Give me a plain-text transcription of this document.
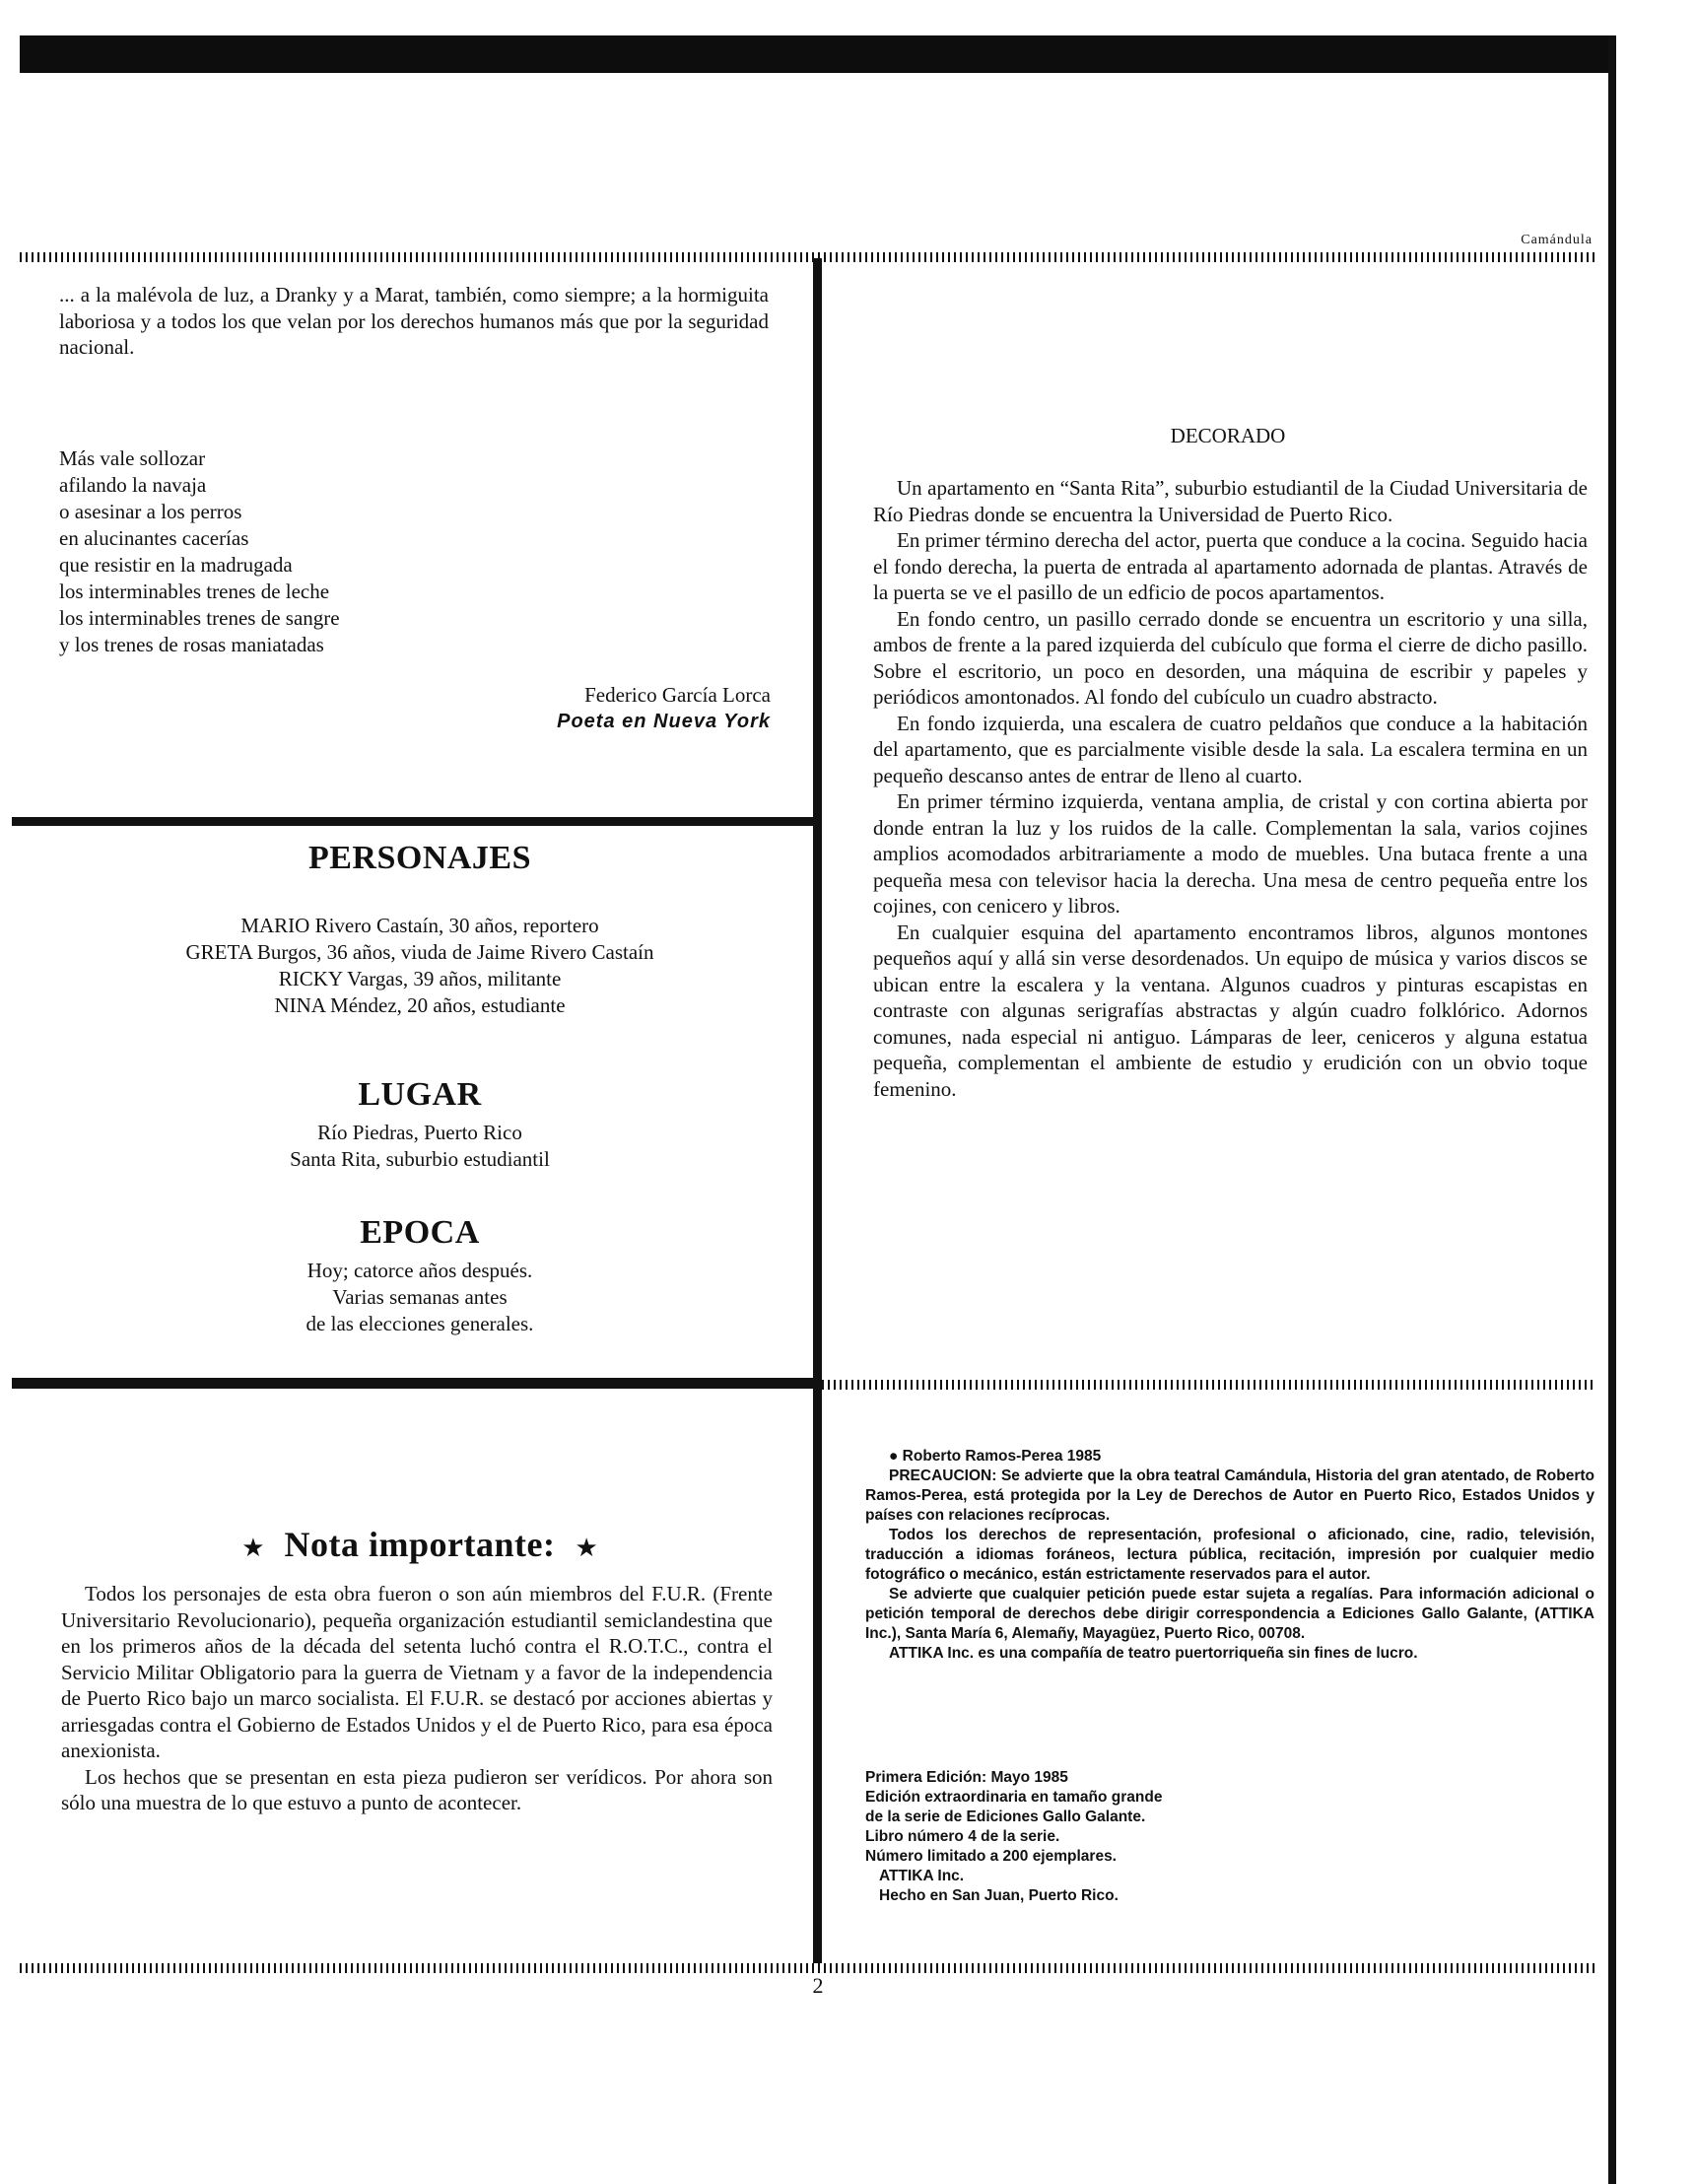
Camándula
... a la malévola de luz, a Dranky y a Marat, también, como siempre; a la hormiguita laboriosa y a todos los que velan por los derechos humanos más que por la seguridad nacional.
Más vale sollozar
afilando la navaja
o asesinar a los perros
en alucinantes cacerías
que resistir en la madrugada
los interminables trenes de leche
los interminables trenes de sangre
y los trenes de rosas maniatadas
Federico García Lorca
Poeta en Nueva York
PERSONAJES
MARIO Rivero Castaín, 30 años, reportero
GRETA Burgos, 36 años, viuda de Jaime Rivero Castaín
RICKY Vargas, 39 años, militante
NINA Méndez, 20 años, estudiante
LUGAR
Río Piedras, Puerto Rico
Santa Rita, suburbio estudiantil
EPOCA
Hoy; catorce años después.
Varias semanas antes
de las elecciones generales.
★ Nota importante: ★

Todos los personajes de esta obra fueron o son aún miembros del F.U.R. (Frente Universitario Revolucionario), pequeña organización estudiantil semiclandestina que en los primeros años de la década del setenta luchó contra el R.O.T.C., contra el Servicio Militar Obligatorio para la guerra de Vietnam y a favor de la independencia de Puerto Rico bajo un marco socialista. El F.U.R. se destacó por acciones abiertas y arriesgadas contra el Gobierno de Estados Unidos y el de Puerto Rico, para esa época anexionista.

Los hechos que se presentan en esta pieza pudieron ser verídicos. Por ahora son sólo una muestra de lo que estuvo a punto de acontecer.

DECORADO

Un apartamento en “Santa Rita”, suburbio estudiantil de la Ciudad Universitaria de Río Piedras donde se encuentra la Universidad de Puerto Rico.

En primer término derecha del actor, puerta que conduce a la cocina. Seguido hacia el fondo derecha, la puerta de entrada al apartamento adornada de plantas. Através de la puerta se ve el pasillo de un edficio de pocos apartamentos.

En fondo centro, un pasillo cerrado donde se encuentra un escritorio y una silla, ambos de frente a la pared izquierda del cubículo que forma el cierre de dicho pasillo. Sobre el escritorio, un poco en desorden, una máquina de escribir y papeles y periódicos amontonados. Al fondo del cubículo un cuadro abstracto.

En fondo izquierda, una escalera de cuatro peldaños que conduce a la habitación del apartamento, que es parcialmente visible desde la sala. La escalera termina en un pequeño descanso antes de entrar de lleno al cuarto.

En primer término izquierda, ventana amplia, de cristal y con cortina abierta por donde entran la luz y los ruidos de la calle. Complementan la sala, varios cojines amplios acomodados arbitrariamente a modo de muebles. Una butaca frente a una pequeña mesa con televisor hacia la derecha. Una mesa de centro pequeña entre los cojines, con cenicero y libros.

En cualquier esquina del apartamento encontramos libros, algunos montones pequeños aquí y allá sin verse desordenados. Un equipo de música y varios discos se ubican entre la escalera y la ventana. Algunos cuadros y pinturas escapistas en contraste con algunas serigrafías abstractas y algún cuadro folklórico. Adornos comunes, nada especial ni antiguo. Lámparas de leer, ceniceros y alguna estatua pequeña, complementan el ambiente de estudio y erudición con un obvio toque femenino.

● Roberto Ramos-Perea 1985

PRECAUCION: Se advierte que la obra teatral Camándula, Historia del gran atentado, de Roberto Ramos-Perea, está protegida por la Ley de Derechos de Autor en Puerto Rico, Estados Unidos y países con relaciones recíprocas.

Todos los derechos de representación, profesional o aficionado, cine, radio, televisión, traducción a idiomas foráneos, lectura pública, recitación, impresión por cualquier medio fotográfico o mecánico, están estrictamente reservados para el autor.

Se advierte que cualquier petición puede estar sujeta a regalías. Para información adicional o petición temporal de derechos debe dirigir correspondencia a Ediciones Gallo Galante, (ATTIKA Inc.), Santa María 6, Alemañy, Mayagüez, Puerto Rico, 00708.

ATTIKA Inc. es una compañía de teatro puertorriqueña sin fines de lucro.

Primera Edición: Mayo 1985
Edición extraordinaria en tamaño grande
de la serie de Ediciones Gallo Galante.
Libro número 4 de la serie.
Número limitado a 200 ejemplares.
ATTIKA Inc.
Hecho en San Juan, Puerto Rico.
2
